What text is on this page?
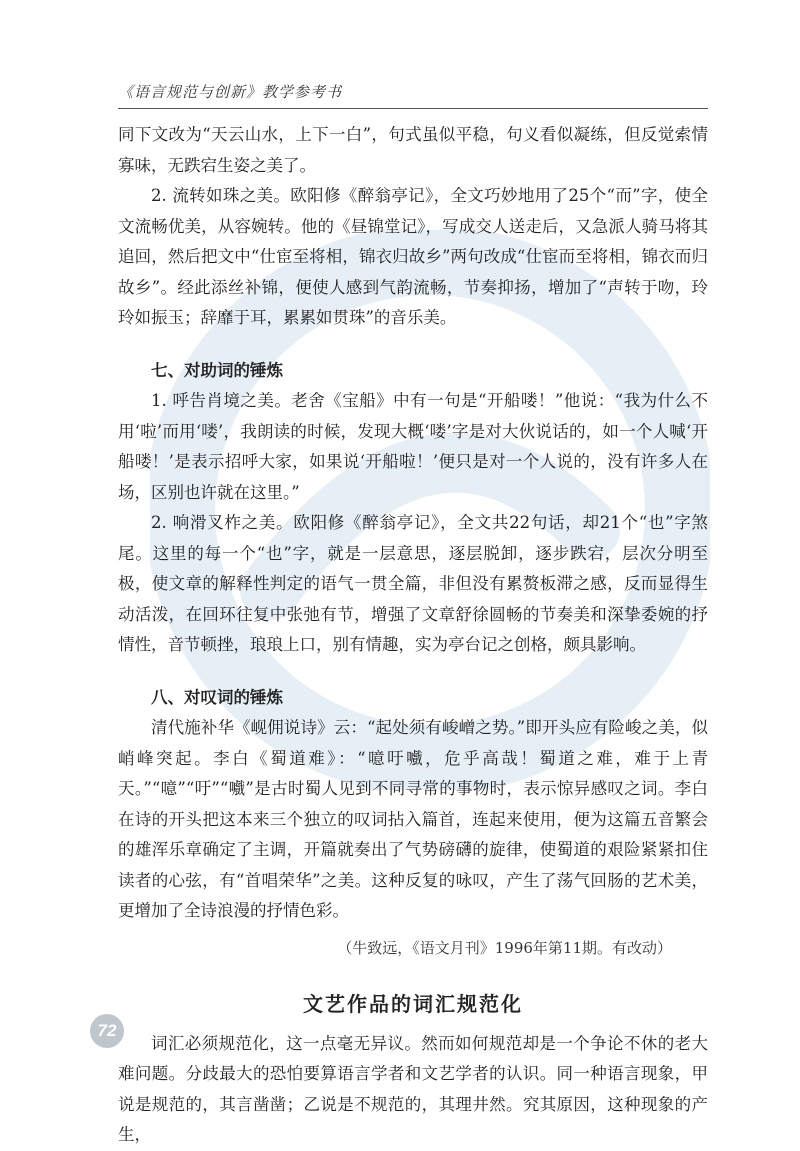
《语言规范与创新》教学参考书

同下文改为“天云山水，上下一白”，句式虽似平稳，句义看似凝练，但反觉索情寡味，无跌宕生姿之美了。

2. 流转如珠之美。欧阳修《醉翁亭记》，全文巧妙地用了25个“而”字，使全文流畅优美，从容婉转。他的《昼锦堂记》，写成交人送走后，又急派人骑马将其追回，然后把文中“仕宦至将相，锦衣归故乡”两句改成“仕宦而至将相，锦衣而归故乡”。经此添丝补锦，便使人感到气韵流畅，节奏抑扬，增加了“声转于吻，玲玲如振玉；辞靡于耳，累累如贯珠”的音乐美。

七、对助词的锤炼

1. 呼告肖境之美。老舍《宝船》中有一句是“开船喽！”他说：“我为什么不用‘啦’而用‘喽’，我朗读的时候，发现大概‘喽’字是对大伙说话的，如一个人喊‘开船喽！’是表示招呼大家，如果说‘开船啦！’便只是对一个人说的，没有许多人在场，区别也许就在这里。”

2. 响滑叉柞之美。欧阳修《醉翁亭记》，全文共22句话，却21个“也”字煞尾。这里的每一个“也”字，就是一层意思，逐层脱卸，逐步跌宕，层次分明至极，使文章的解释性判定的语气一贯全篇，非但没有累赘板滞之感，反而显得生动活泼，在回环往复中张弛有节，增强了文章舒徐圆畅的节奏美和深挚委婉的抒情性，音节顿挫，琅琅上口，别有情趣，实为亭台记之创格，颇具影响。

八、对叹词的锤炼

清代施补华《岘佣说诗》云：“起处须有峻嶒之势。”即开头应有险峻之美，似峭峰突起。李白《蜀道难》：“噫吁嚱，危乎高哉！蜀道之难，难于上青天。”“噫”“吁”“嚱”是古时蜀人见到不同寻常的事物时，表示惊异感叹之词。李白在诗的开头把这本来三个独立的叹词拈入篇首，连起来使用，便为这篇五音繁会的雄浑乐章确定了主调，开篇就奏出了气势磅礴的旋律，使蜀道的艰险紧紧扣住读者的心弦，有“首唱荣华”之美。这种反复的咏叹，产生了荡气回肠的艺术美，更增加了全诗浪漫的抒情色彩。

（牛致远，《语文月刊》1996年第11期。有改动）

文艺作品的词汇规范化

词汇必须规范化，这一点毫无异议。然而如何规范却是一个争论不休的老大难问题。分歧最大的恐怕要算语言学者和文艺学者的认识。同一种语言现象，甲说是规范的，其言凿凿；乙说是不规范的，其理井然。究其原因，这种现象的产生，

72
